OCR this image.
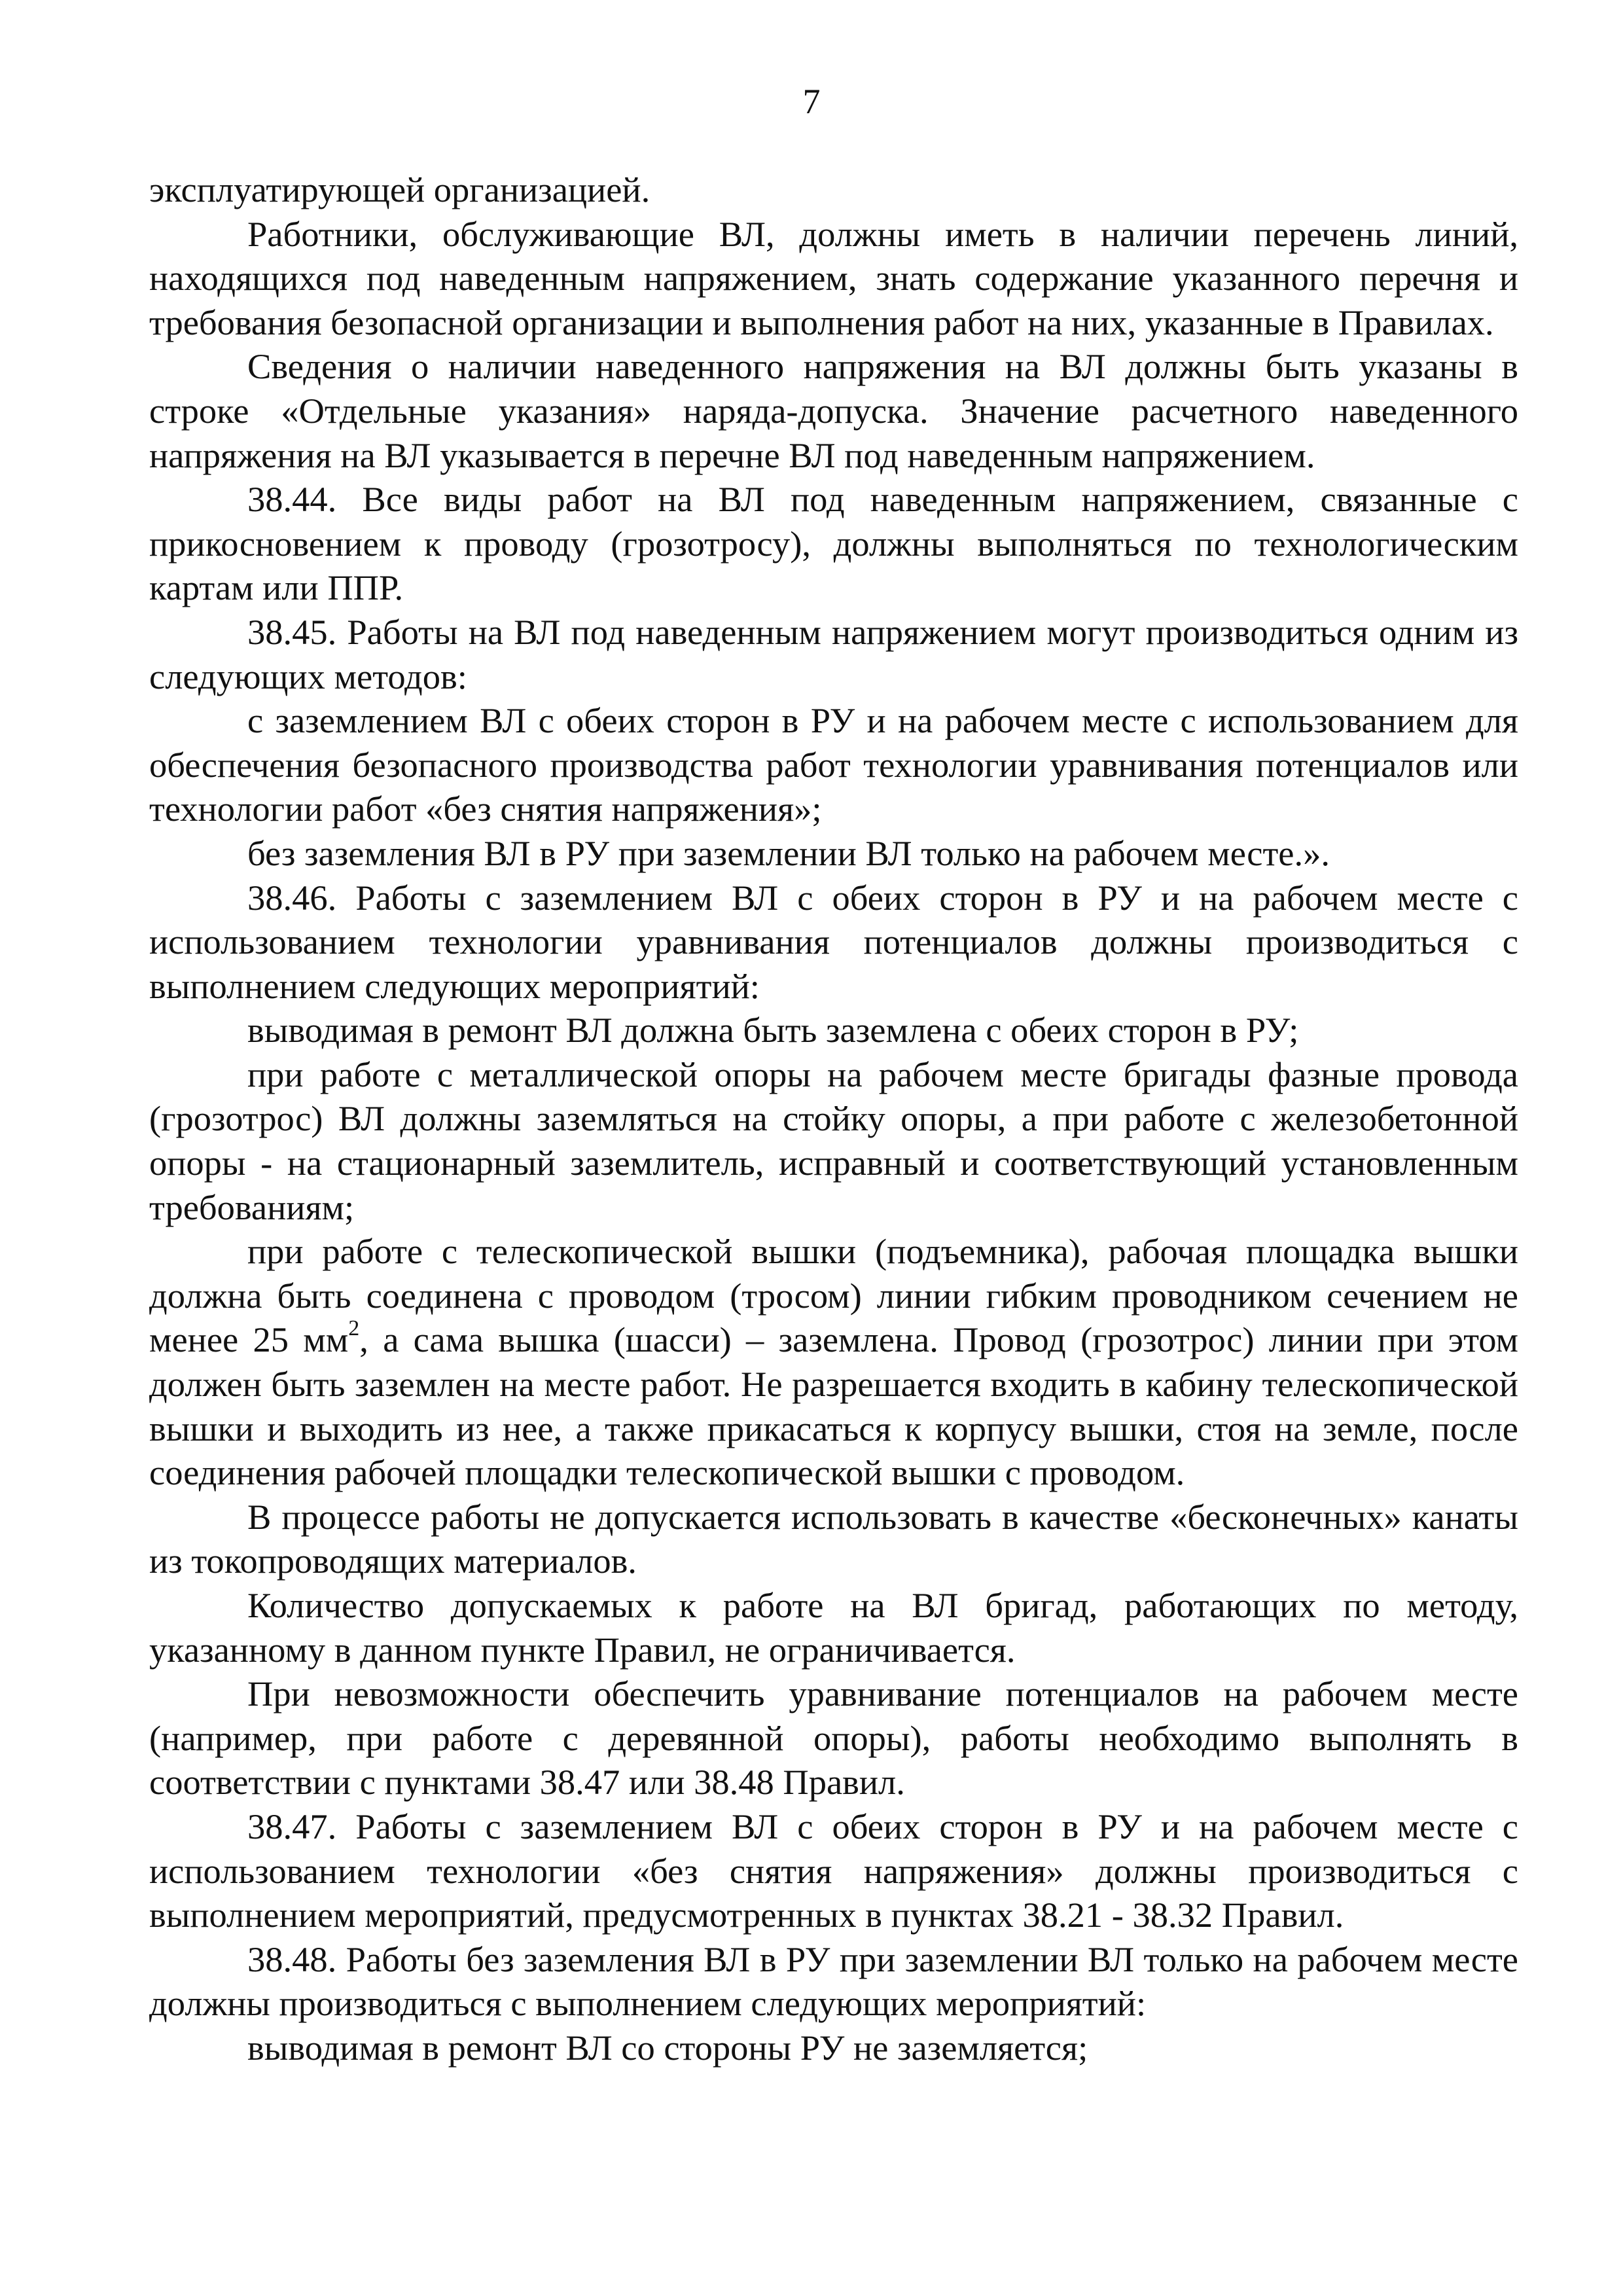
7

эксплуатирующей организацией.

Работники, обслуживающие ВЛ, должны иметь в наличии перечень линий, находящихся под наведенным напряжением, знать содержание указанного перечня и требования безопасной организации и выполнения работ на них, указанные в Правилах.

Сведения о наличии наведенного напряжения на ВЛ должны быть указаны в строке «Отдельные указания» наряда-допуска. Значение расчетного наведенного напряжения на ВЛ указывается в перечне ВЛ под наведенным напряжением.

38.44. Все виды работ на ВЛ под наведенным напряжением, связанные с прикосновением к проводу (грозотросу), должны выполняться по технологическим картам или ППР.

38.45. Работы на ВЛ под наведенным напряжением могут производиться одним из следующих методов:

с заземлением ВЛ с обеих сторон в РУ и на рабочем месте с использованием для обеспечения безопасного производства работ технологии уравнивания потенциалов или технологии работ «без снятия напряжения»;

без заземления ВЛ в РУ при заземлении ВЛ только на рабочем месте.».

38.46. Работы с заземлением ВЛ с обеих сторон в РУ и на рабочем месте с использованием технологии уравнивания потенциалов должны производиться с выполнением следующих мероприятий:

выводимая в ремонт ВЛ должна быть заземлена с обеих сторон в РУ;

при работе с металлической опоры на рабочем месте бригады фазные провода (грозотрос) ВЛ должны заземляться на стойку опоры, а при работе с железобетонной опоры - на стационарный заземлитель, исправный и соответствующий установленным требованиям;

при работе с телескопической вышки (подъемника), рабочая площадка вышки должна быть соединена с проводом (тросом) линии гибким проводником сечением не менее 25 $мм^2$, а сама вышка (шасси) – заземлена. Провод (грозотрос) линии при этом должен быть заземлен на месте работ. Не разрешается входить в кабину телескопической вышки и выходить из нее, а также прикасаться к корпусу вышки, стоя на земле, после соединения рабочей площадки телескопической вышки с проводом.

В процессе работы не допускается использовать в качестве «бесконечных» канаты из токопроводящих материалов.

Количество допускаемых к работе на ВЛ бригад, работающих по методу, указанному в данном пункте Правил, не ограничивается.

При невозможности обеспечить уравнивание потенциалов на рабочем месте (например, при работе с деревянной опоры), работы необходимо выполнять в соответствии с пунктами 38.47 или 38.48 Правил.

38.47. Работы с заземлением ВЛ с обеих сторон в РУ и на рабочем месте с использованием технологии «без снятия напряжения» должны производиться с выполнением мероприятий, предусмотренных в пунктах 38.21 - 38.32 Правил.

38.48. Работы без заземления ВЛ в РУ при заземлении ВЛ только на рабочем месте должны производиться с выполнением следующих мероприятий:

выводимая в ремонт ВЛ со стороны РУ не заземляется;
